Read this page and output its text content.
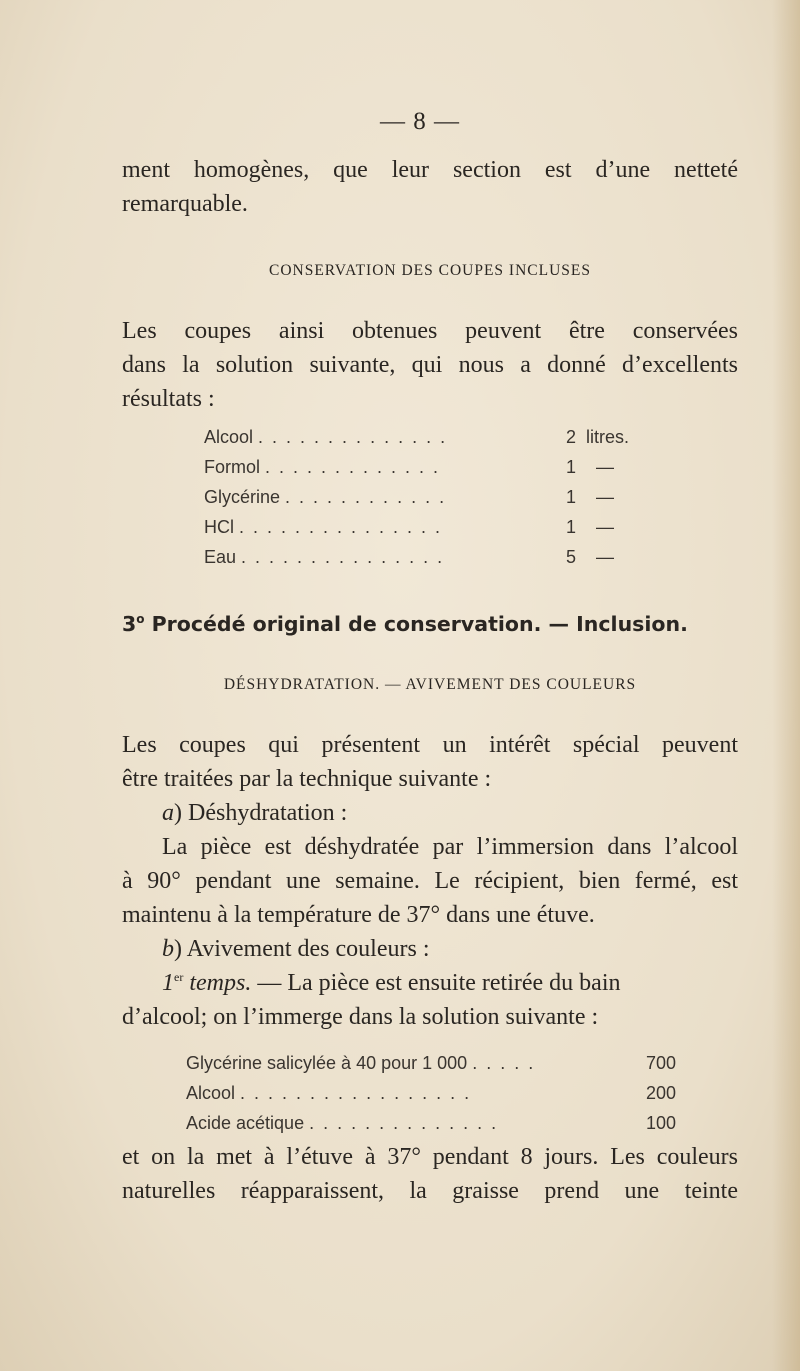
— 8 —
ment homogènes, que leur section est d’une netteté
remarquable.
CONSERVATION DES COUPES INCLUSES
Les coupes ainsi obtenues peuvent être conservées
dans la solution suivante, qui nous a donné d’excellents
résultats :
Alcool . . . . . . . . . . . . . .	2 litres.
Formol . . . . . . . . . . . . .	1 —
Glycérine . . . . . . . . . . . .	1 —
HCl . . . . . . . . . . . . . . .	1 —
Eau . . . . . . . . . . . . . . .	5 —
3$^o$ Procédé original de conservation. — Inclusion.
DÉSHYDRATATION. — AVIVEMENT DES COULEURS
Les coupes qui présentent un intérêt spécial peuvent
être traitées par la technique suivante :
a) Déshydratation :
La pièce est déshydratée par l’immersion dans l’alcool
à 90° pendant une semaine. Le récipient, bien fermé, est
maintenu à la température de 37° dans une étuve.
b) Avivement des couleurs :
1er temps. — La pièce est ensuite retirée du bain
d’alcool; on l’immerge dans la solution suivante :
Glycérine salicylée à 40 pour 1 000 . . . . .	700
Alcool . . . . . . . . . . . . . . . . .	200
Acide acétique . . . . . . . . . . . . . .	100
et on la met à l’étuve à 37° pendant 8 jours. Les couleurs
naturelles réapparaissent, la graisse prend une teinte
